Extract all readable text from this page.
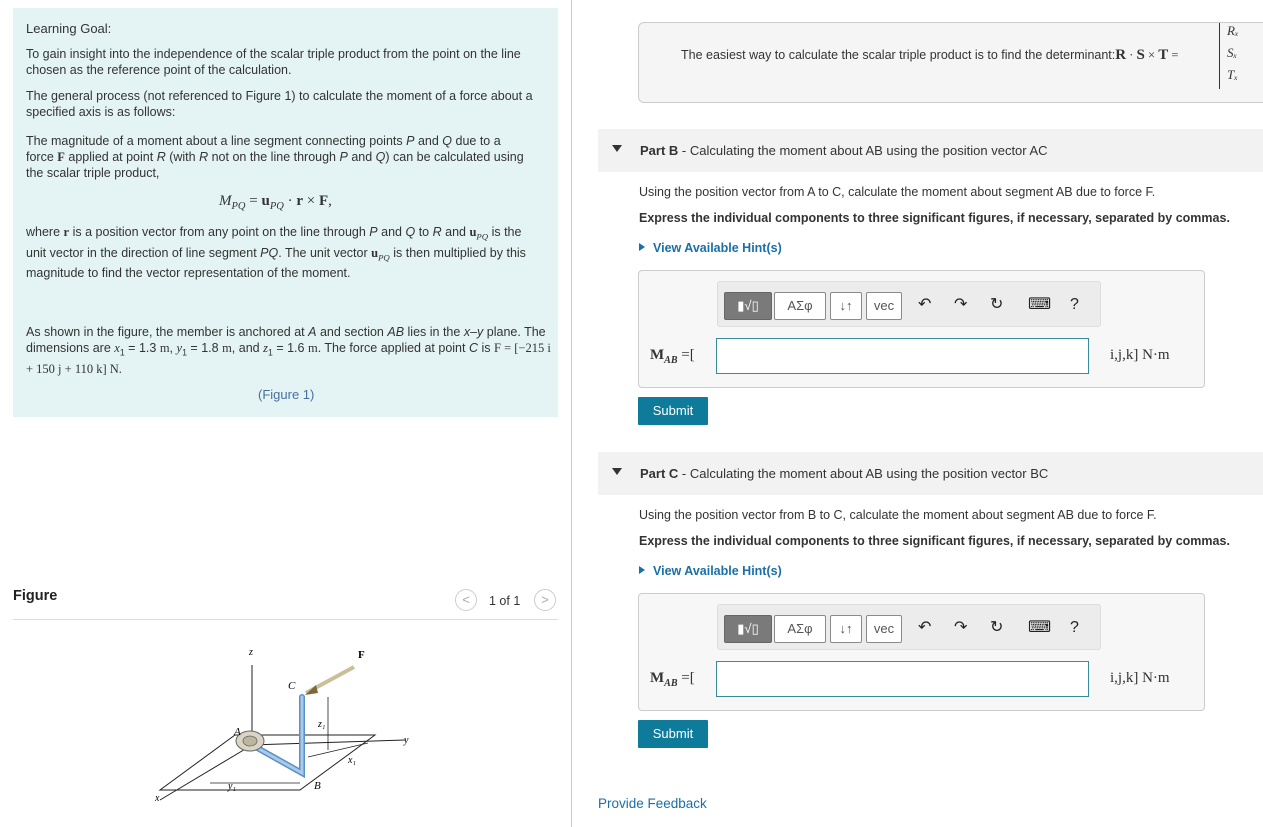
Learning Goal:
To gain insight into the independence of the scalar triple product from the point on the line chosen as the reference point of the calculation.
The general process (not referenced to Figure 1) to calculate the moment of a force about a specified axis is as follows:
The magnitude of a moment about a line segment connecting points P and Q due to a force F applied at point R (with R not on the line through P and Q) can be calculated using the scalar triple product,
$M_{PQ} = u_{PQ} \cdot r \times F$,
where r is a position vector from any point on the line through P and Q to R and $u_{PQ}$ is the unit vector in the direction of line segment PQ. The unit vector $u_{PQ}$ is then multiplied by this magnitude to find the vector representation of the moment.
As shown in the figure, the member is anchored at A and section AB lies in the x–y plane. The dimensions are $x_1 = 1.3$ m, $y_1 = 1.8$ m, and $z_1 = 1.6$ m. The force applied at point C is F = [−215 i + 150 j + 110 k] N.
(Figure 1)
Figure	<	1 of 1	>
z	F
C
z₁
A
y
x₁
y₁	B
x
The easiest way to calculate the scalar triple product is to find the determinant:R · S × T =
Rₓ
Sₓ
Tₓ
Part B - Calculating the moment about AB using the position vector AC
Using the position vector from A to C, calculate the moment about segment AB due to force F.
Express the individual components to three significant figures, if necessary, separated by commas.
View Available Hint(s)
▮√▯	ΑΣφ	↓↑	vec	↶ ↷ ↻ ⌨ ?
$M_{AB}$ =[	i,j,k] N·m
Submit
Part C - Calculating the moment about AB using the position vector BC
Using the position vector from B to C, calculate the moment about segment AB due to force F.
Express the individual components to three significant figures, if necessary, separated by commas.
View Available Hint(s)
▮√▯	ΑΣφ	↓↑	vec	↶ ↷ ↻ ⌨ ?
$M_{AB}$ =[	i,j,k] N·m
Submit
Provide Feedback
